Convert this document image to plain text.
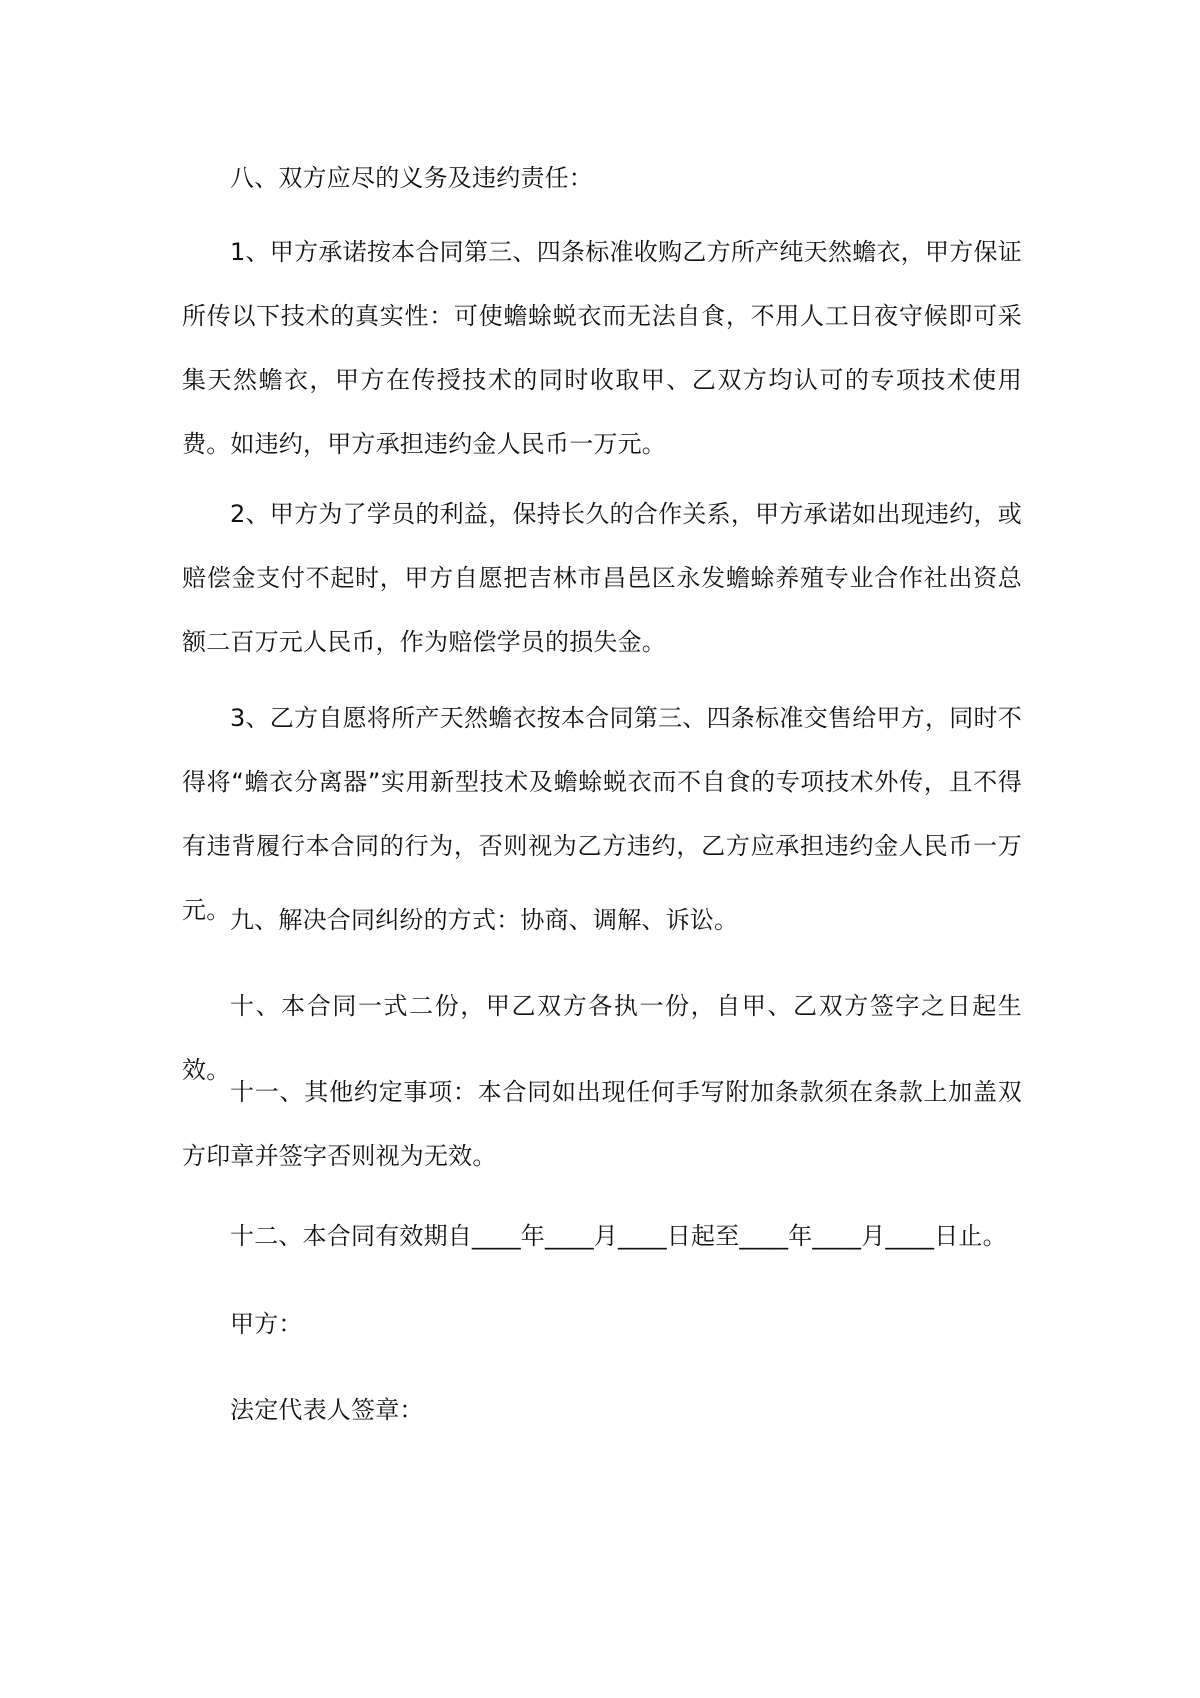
八、双方应尽的义务及违约责任：

1、甲方承诺按本合同第三、四条标准收购乙方所产纯天然蟾衣，甲方保证所传以下技术的真实性：可使蟾蜍蜕衣而无法自食，不用人工日夜守候即可采集天然蟾衣，甲方在传授技术的同时收取甲、乙双方均认可的专项技术使用费。如违约，甲方承担违约金人民币一万元。

2、甲方为了学员的利益，保持长久的合作关系，甲方承诺如出现违约，或赔偿金支付不起时，甲方自愿把吉林市昌邑区永发蟾蜍养殖专业合作社出资总额二百万元人民币，作为赔偿学员的损失金。

3、乙方自愿将所产天然蟾衣按本合同第三、四条标准交售给甲方，同时不得将“蟾衣分离器”实用新型技术及蟾蜍蜕衣而不自食的专项技术外传，且不得有违背履行本合同的行为，否则视为乙方违约，乙方应承担违约金人民币一万元。 九、解决合同纠纷的方式：协商、调解、诉讼。

十、本合同一式二份，甲乙双方各执一份，自甲、乙双方签字之日起生效。

十一、其他约定事项：本合同如出现任何手写附加条款须在条款上加盖双方印章并签字否则视为无效。

十二、本合同有效期自____年____月____日起至____年____月____日止。

甲方：

法定代表人签章：
